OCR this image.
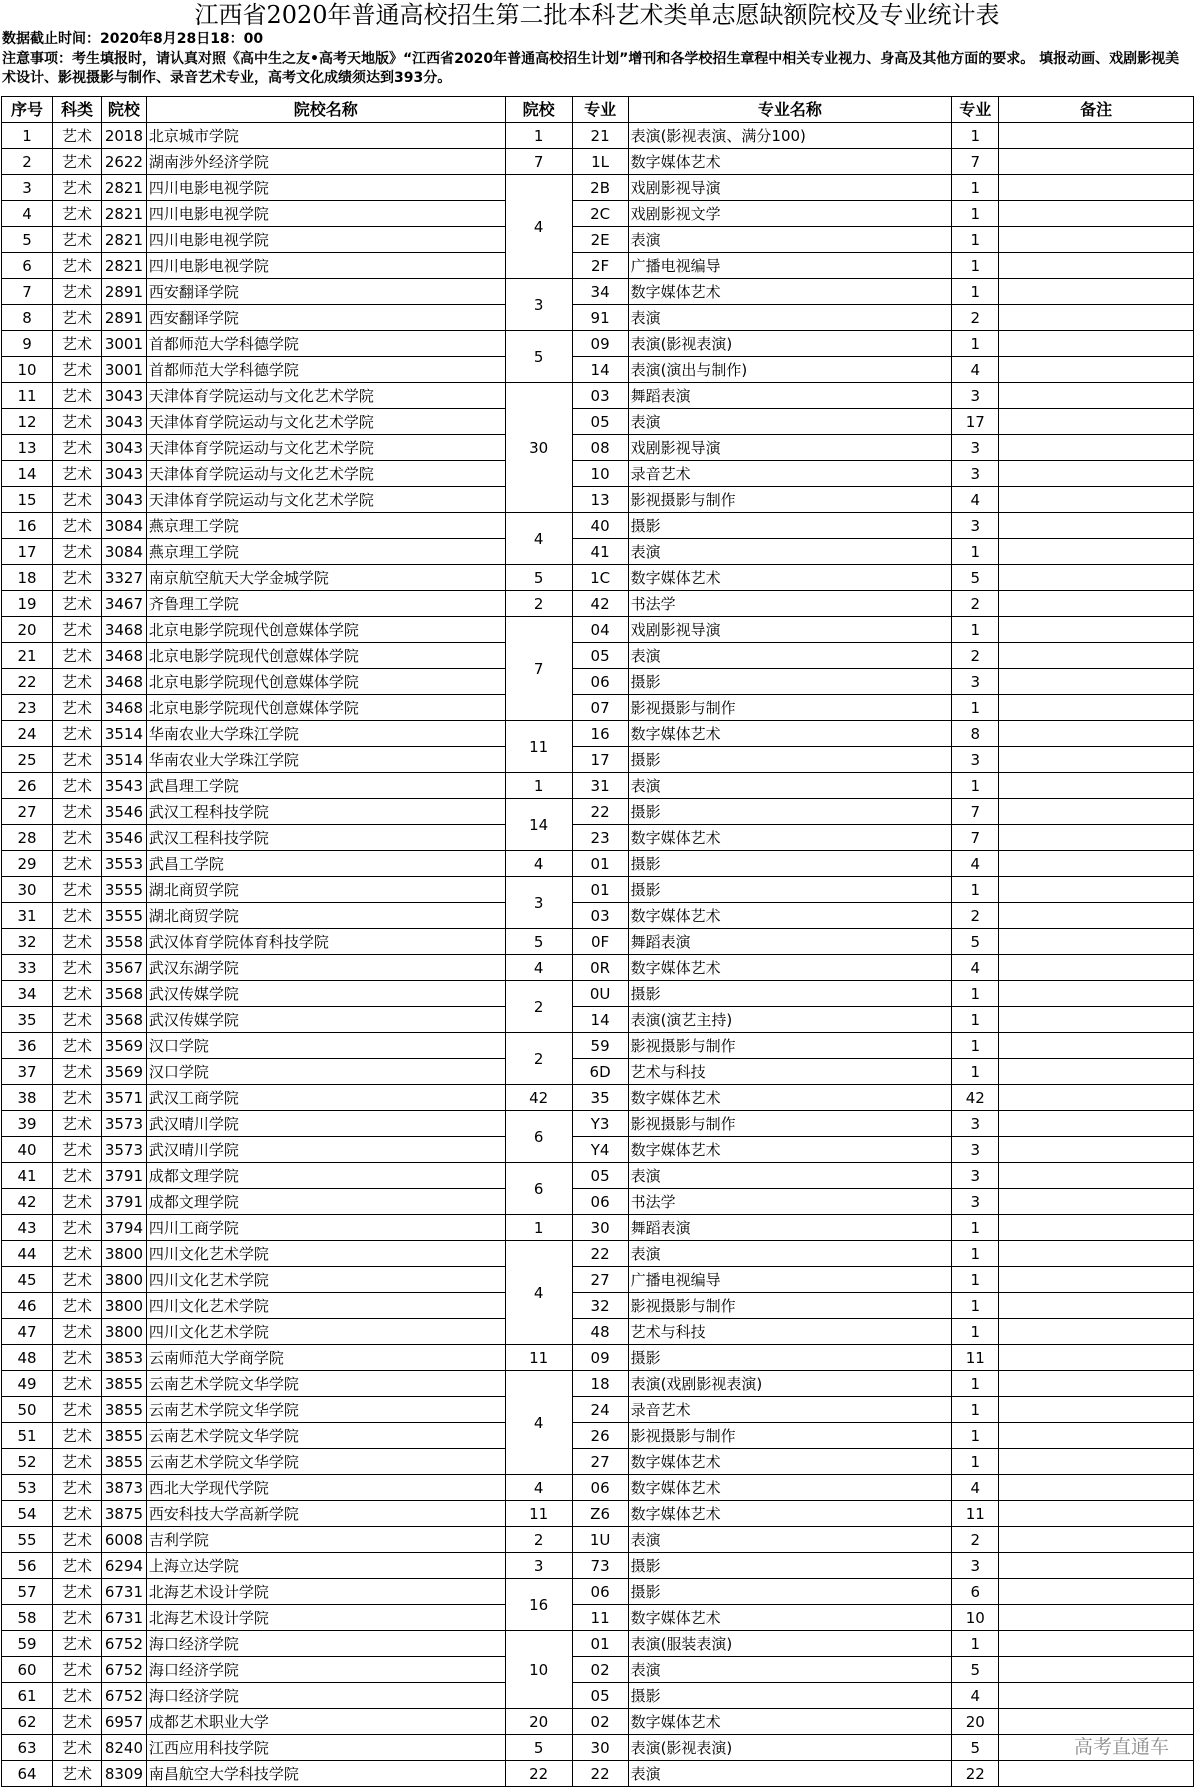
江西省2020年普通高校招生第二批本科艺术类单志愿缺额院校及专业统计表
数据截止时间：2020年8月28日18：00
注意事项：考生填报时，请认真对照《高中生之友•高考天地版》“江西省2020年普通高校招生计划”增刊和各学校招生章程中相关专业视力、身高及其他方面的要求。 填报动画、戏剧影视美术设计、影视摄影与制作、录音艺术专业，高考文化成绩须达到393分。
序号	科类	院校	院校名称	院校	专业	专业名称	专业	备注
1	艺术	2018	北京城市学院	1	21	表演(影视表演、满分100)	1	
2	艺术	2622	湖南涉外经济学院	7	1L	数字媒体艺术	7	
3	艺术	2821	四川电影电视学院	4	2B	戏剧影视导演	1	
4	艺术	2821	四川电影电视学院		2C	戏剧影视文学	1	
5	艺术	2821	四川电影电视学院		2E	表演	1	
6	艺术	2821	四川电影电视学院		2F	广播电视编导	1	
7	艺术	2891	西安翻译学院	3	34	数字媒体艺术	1	
8	艺术	2891	西安翻译学院		91	表演	2	
9	艺术	3001	首都师范大学科德学院	5	09	表演(影视表演)	1	
10	艺术	3001	首都师范大学科德学院		14	表演(演出与制作)	4	
11	艺术	3043	天津体育学院运动与文化艺术学院	30	03	舞蹈表演	3	
12	艺术	3043	天津体育学院运动与文化艺术学院		05	表演	17	
13	艺术	3043	天津体育学院运动与文化艺术学院		08	戏剧影视导演	3	
14	艺术	3043	天津体育学院运动与文化艺术学院		10	录音艺术	3	
15	艺术	3043	天津体育学院运动与文化艺术学院		13	影视摄影与制作	4	
16	艺术	3084	燕京理工学院	4	40	摄影	3	
17	艺术	3084	燕京理工学院		41	表演	1	
18	艺术	3327	南京航空航天大学金城学院	5	1C	数字媒体艺术	5	
19	艺术	3467	齐鲁理工学院	2	42	书法学	2	
20	艺术	3468	北京电影学院现代创意媒体学院	7	04	戏剧影视导演	1	
21	艺术	3468	北京电影学院现代创意媒体学院		05	表演	2	
22	艺术	3468	北京电影学院现代创意媒体学院		06	摄影	3	
23	艺术	3468	北京电影学院现代创意媒体学院		07	影视摄影与制作	1	
24	艺术	3514	华南农业大学珠江学院	11	16	数字媒体艺术	8	
25	艺术	3514	华南农业大学珠江学院		17	摄影	3	
26	艺术	3543	武昌理工学院	1	31	表演	1	
27	艺术	3546	武汉工程科技学院	14	22	摄影	7	
28	艺术	3546	武汉工程科技学院		23	数字媒体艺术	7	
29	艺术	3553	武昌工学院	4	01	摄影	4	
30	艺术	3555	湖北商贸学院	3	01	摄影	1	
31	艺术	3555	湖北商贸学院		03	数字媒体艺术	2	
32	艺术	3558	武汉体育学院体育科技学院	5	0F	舞蹈表演	5	
33	艺术	3567	武汉东湖学院	4	0R	数字媒体艺术	4	
34	艺术	3568	武汉传媒学院	2	0U	摄影	1	
35	艺术	3568	武汉传媒学院		14	表演(演艺主持)	1	
36	艺术	3569	汉口学院	2	59	影视摄影与制作	1	
37	艺术	3569	汉口学院		6D	艺术与科技	1	
38	艺术	3571	武汉工商学院	42	35	数字媒体艺术	42	
39	艺术	3573	武汉晴川学院	6	Y3	影视摄影与制作	3	
40	艺术	3573	武汉晴川学院		Y4	数字媒体艺术	3	
41	艺术	3791	成都文理学院	6	05	表演	3	
42	艺术	3791	成都文理学院		06	书法学	3	
43	艺术	3794	四川工商学院	1	30	舞蹈表演	1	
44	艺术	3800	四川文化艺术学院	4	22	表演	1	
45	艺术	3800	四川文化艺术学院		27	广播电视编导	1	
46	艺术	3800	四川文化艺术学院		32	影视摄影与制作	1	
47	艺术	3800	四川文化艺术学院		48	艺术与科技	1	
48	艺术	3853	云南师范大学商学院	11	09	摄影	11	
49	艺术	3855	云南艺术学院文华学院	4	18	表演(戏剧影视表演)	1	
50	艺术	3855	云南艺术学院文华学院		24	录音艺术	1	
51	艺术	3855	云南艺术学院文华学院		26	影视摄影与制作	1	
52	艺术	3855	云南艺术学院文华学院		27	数字媒体艺术	1	
53	艺术	3873	西北大学现代学院	4	06	数字媒体艺术	4	
54	艺术	3875	西安科技大学高新学院	11	Z6	数字媒体艺术	11	
55	艺术	6008	吉利学院	2	1U	表演	2	
56	艺术	6294	上海立达学院	3	73	摄影	3	
57	艺术	6731	北海艺术设计学院	16	06	摄影	6	
58	艺术	6731	北海艺术设计学院		11	数字媒体艺术	10	
59	艺术	6752	海口经济学院	10	01	表演(服装表演)	1	
60	艺术	6752	海口经济学院		02	表演	5	
61	艺术	6752	海口经济学院		05	摄影	4	
62	艺术	6957	成都艺术职业大学	20	02	数字媒体艺术	20	
63	艺术	8240	江西应用科技学院	5	30	表演(影视表演)	5	
64	艺术	8309	南昌航空大学科技学院	22	22	表演	22	
高考直通车
